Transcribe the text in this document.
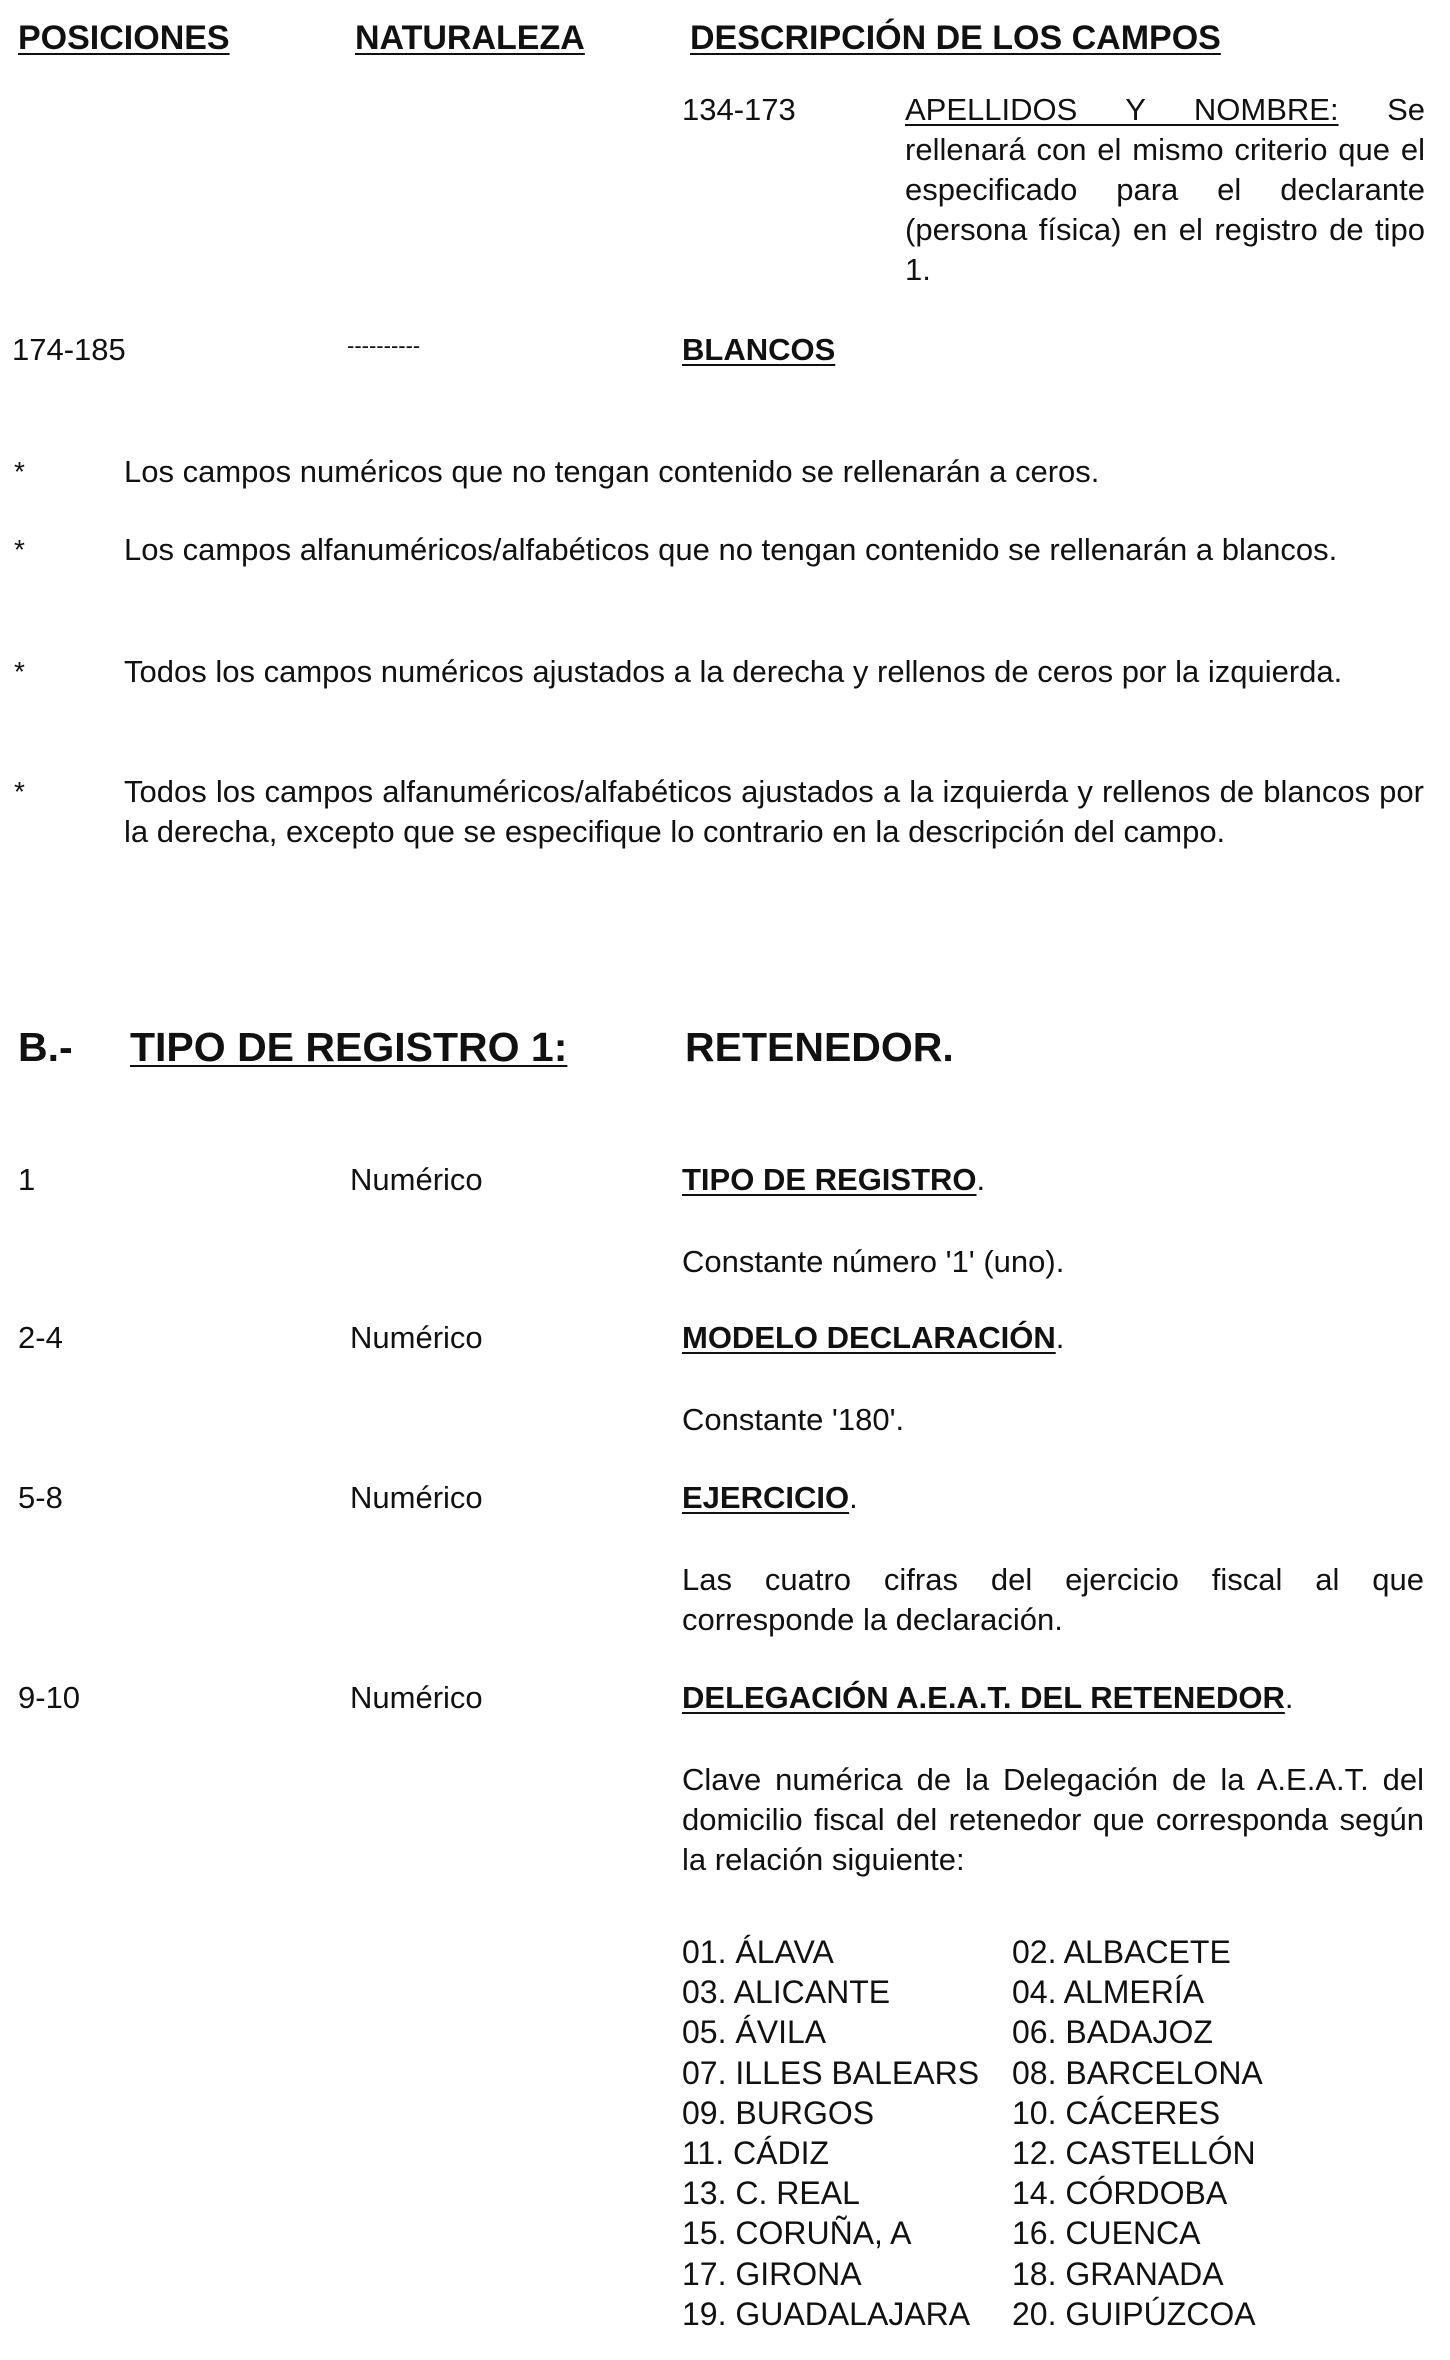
POSICIONES	NATURALEZA	DESCRIPCIÓN DE LOS CAMPOS
134-173	APELLIDOS Y NOMBRE: Se rellenará con el mismo criterio que el especificado para el declarante (persona física) en el registro de tipo 1.
174-185	----------	BLANCOS
*	Los campos numéricos que no tengan contenido se rellenarán a ceros.
*	Los campos alfanuméricos/alfabéticos que no tengan contenido se rellenarán a blancos.
*	Todos los campos numéricos ajustados a la derecha y rellenos de ceros por la izquierda.
*	Todos los campos alfanuméricos/alfabéticos ajustados a la izquierda y rellenos de blancos por la derecha, excepto que se especifique lo contrario en la descripción del campo.
B.- TIPO DE REGISTRO 1:	RETENEDOR.
1	Numérico	TIPO DE REGISTRO.
Constante número '1' (uno).
2-4	Numérico	MODELO DECLARACIÓN.
Constante '180'.
5-8	Numérico	EJERCICIO.
Las cuatro cifras del ejercicio fiscal al que corresponde la declaración.
9-10	Numérico	DELEGACIÓN A.E.A.T. DEL RETENEDOR.
Clave numérica de la Delegación de la A.E.A.T. del domicilio fiscal del retenedor que corresponda según la relación siguiente:
01. ÁLAVA	02. ALBACETE
03. ALICANTE	04. ALMERÍA
05. ÁVILA	06. BADAJOZ
07. ILLES BALEARS 08. BARCELONA
09. BURGOS	10. CÁCERES
11. CÁDIZ	12. CASTELLÓN
13. C. REAL	14. CÓRDOBA
15. CORUÑA, A	16. CUENCA
17. GIRONA	18. GRANADA
19. GUADALAJARA 20. GUIPÚZCOA
